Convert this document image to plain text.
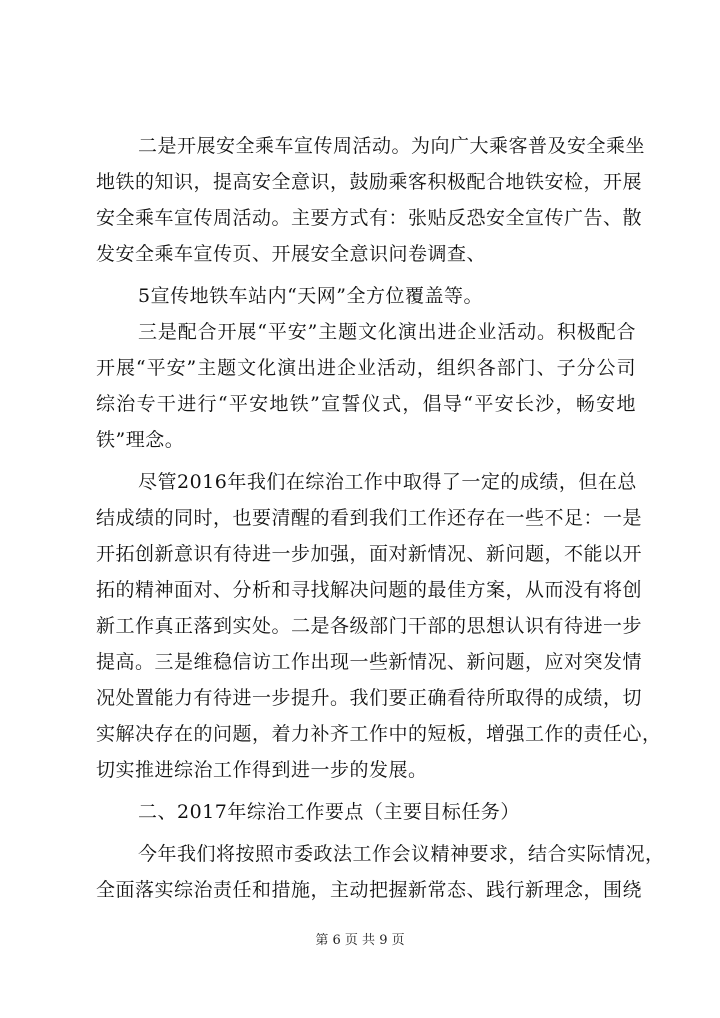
二是开展安全乘车宣传周活动。为向广大乘客普及安全乘坐
地铁的知识，提高安全意识，鼓励乘客积极配合地铁安检，开展
安全乘车宣传周活动。主要方式有：张贴反恐安全宣传广告、散
发安全乘车宣传页、开展安全意识问卷调查、
5宣传地铁车站内“天网”全方位覆盖等。
三是配合开展“平安”主题文化演出进企业活动。积极配合
开展“平安”主题文化演出进企业活动，组织各部门、子分公司
综治专干进行“平安地铁”宣誓仪式，倡导“平安长沙，畅安地
铁”理念。
尽管2016年我们在综治工作中取得了一定的成绩，但在总
结成绩的同时，也要清醒的看到我们工作还存在一些不足：一是
开拓创新意识有待进一步加强，面对新情况、新问题，不能以开
拓的精神面对、分析和寻找解决问题的最佳方案，从而没有将创
新工作真正落到实处。二是各级部门干部的思想认识有待进一步
提高。三是维稳信访工作出现一些新情况、新问题，应对突发情
况处置能力有待进一步提升。我们要正确看待所取得的成绩，切
实解决存在的问题，着力补齐工作中的短板，增强工作的责任心，
切实推进综治工作得到进一步的发展。
二、2017年综治工作要点（主要目标任务）
今年我们将按照市委政法工作会议精神要求，结合实际情况，
全面落实综治责任和措施，主动把握新常态、践行新理念，围绕
第 6 页 共 9 页
